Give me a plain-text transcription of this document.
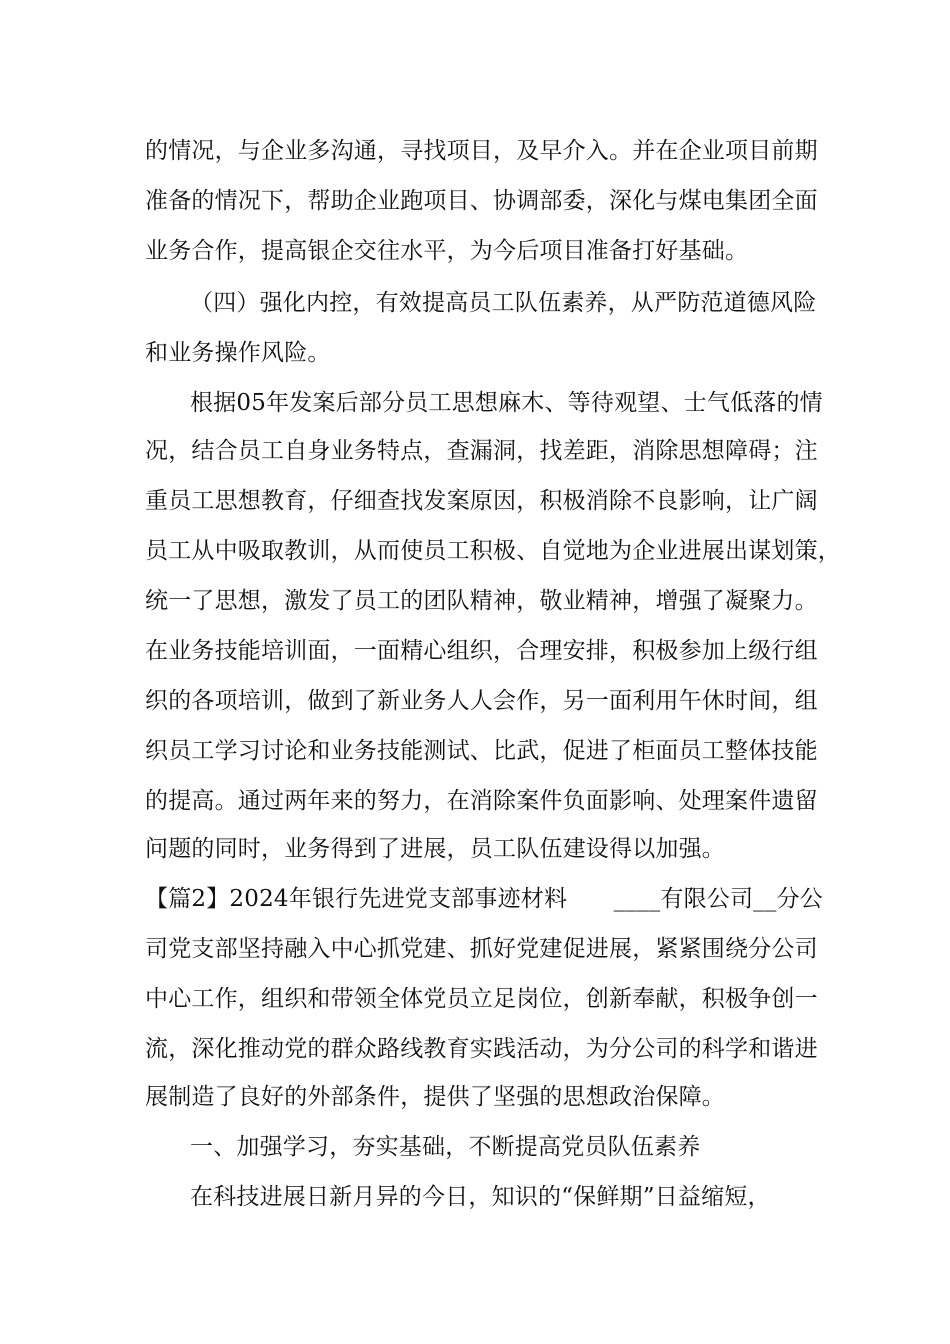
的情况，与企业多沟通，寻找项目，及早介入。并在企业项目前期
准备的情况下，帮助企业跑项目、协调部委，深化与煤电集团全面
业务合作，提高银企交往水平，为今后项目准备打好基础。
（四）强化内控，有效提高员工队伍素养，从严防范道德风险
和业务操作风险。
根据05年发案后部分员工思想麻木、等待观望、士气低落的情
况，结合员工自身业务特点，查漏洞，找差距，消除思想障碍；注
重员工思想教育，仔细查找发案原因，积极消除不良影响，让广阔
员工从中吸取教训，从而使员工积极、自觉地为企业进展出谋划策，
统一了思想，激发了员工的团队精神，敬业精神，增强了凝聚力。
在业务技能培训面，一面精心组织，合理安排，积极参加上级行组
织的各项培训，做到了新业务人人会作，另一面利用午休时间，组
织员工学习讨论和业务技能测试、比武，促进了柜面员工整体技能
的提高。通过两年来的努力，在消除案件负面影响、处理案件遗留
问题的同时，业务得到了进展，员工队伍建设得以加强。
【篇2】2024年银行先进党支部事迹材料　　____有限公司__分公
司党支部坚持融入中心抓党建、抓好党建促进展，紧紧围绕分公司
中心工作，组织和带领全体党员立足岗位，创新奉献，积极争创一
流，深化推动党的群众路线教育实践活动，为分公司的科学和谐进
展制造了良好的外部条件，提供了坚强的思想政治保障。
一、加强学习，夯实基础，不断提高党员队伍素养
在科技进展日新月异的今日，知识的“保鲜期”日益缩短，
